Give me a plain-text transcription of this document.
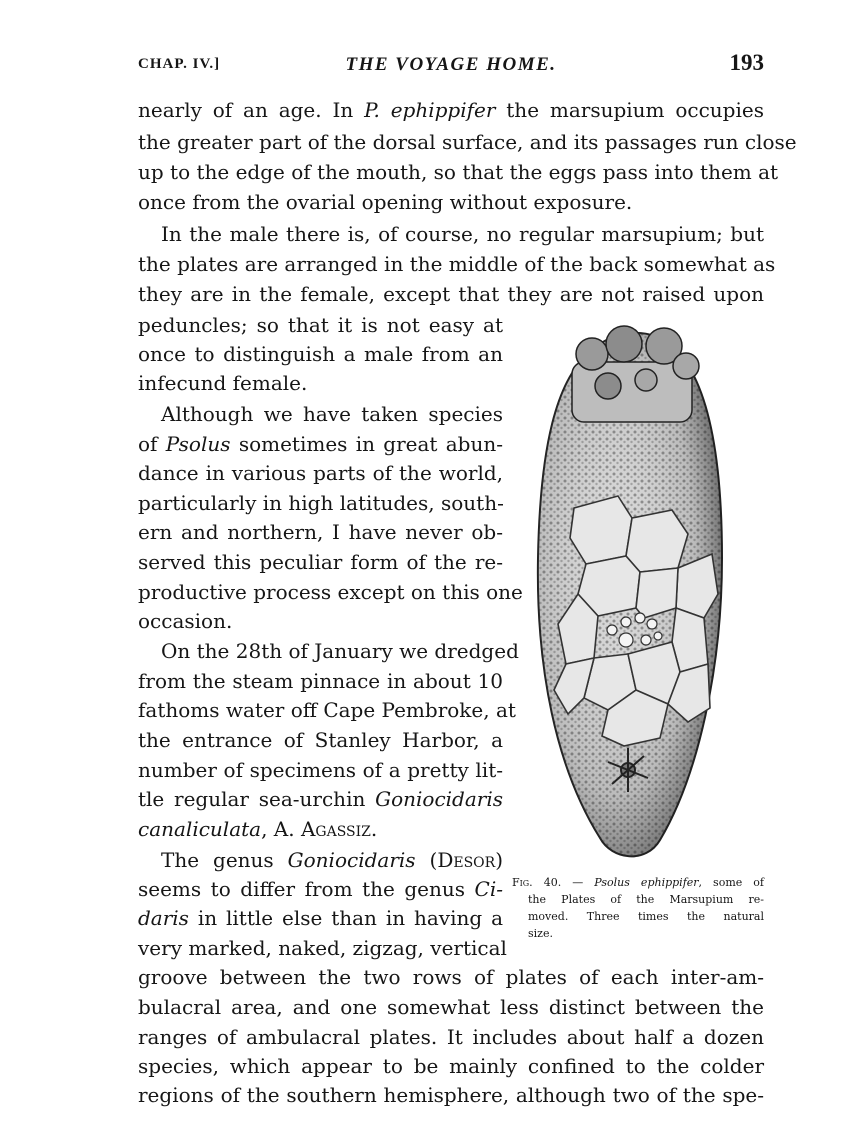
CHAP. IV.]	THE VOYAGE HOME.	193
nearly of an age. In P. ephippifer the marsupium occupies
the greater part of the dorsal surface, and its passages run close
up to the edge of the mouth, so that the eggs pass into them at
once from the ovarial opening without exposure.
In the male there is, of course, no regular marsupium; but
the plates are arranged in the middle of the back somewhat as
they are in the female, except that they are not raised upon
peduncles; so that it is not easy at
once to distinguish a male from an
infecund female.
Although we have taken species
of Psolus sometimes in great abun-
dance in various parts of the world,
particularly in high latitudes, south-
ern and northern, I have never ob-
served this peculiar form of the re-
productive process except on this one
occasion.
On the 28th of January we dredged
from the steam pinnace in about 10
fathoms water off Cape Pembroke, at
the entrance of Stanley Harbor, a
number of specimens of a pretty lit-
tle regular sea-urchin Goniocidaris
canaliculata, A. Agassiz.
The genus Goniocidaris (Desor)
seems to differ from the genus Ci-
daris in little else than in having a
very marked, naked, zigzag, vertical
groove between the two rows of plates of each inter-am-
bulacral area, and one somewhat less distinct between the
ranges of ambulacral plates. It includes about half a dozen
species, which appear to be mainly confined to the colder
regions of the southern hemisphere, although two of the spe-
Fig. 40. — Psolus ephippifer, some of
the Plates of the Marsupium re-
moved. Three times the natural
size.
